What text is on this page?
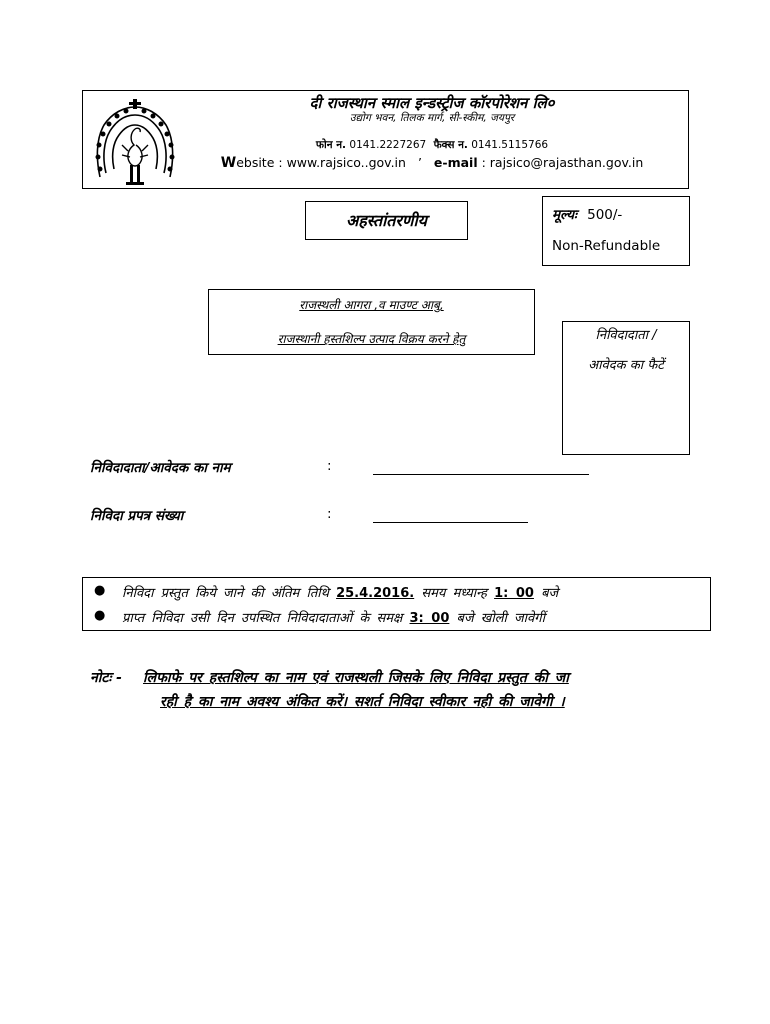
दी राजस्थान स्माल इन्डस्ट्रीज कॉरपोरेशन लि०
उद्योग भवन, तिलक मार्ग, सी-स्कीम, जयपुर
फोन न. 0141.2227267 फैक्स न. 0141.5115766
Website : www.rajsico..gov.in ’ e-mail : rajsico@rajasthan.gov.in
अहस्तांतरणीय	मूल्यः 500/-
Non-Refundable
राजस्थली आगरा ,व माउण्ट आबु,
राजस्थानी हस्तशिल्प उत्पाद विक्रय करने हेतु	निविदादाता /
आवेदक का फैटें
निविदादाता/आवेदक का नाम	:
निविदा प्रपत्र संख्या	:
● निविदा प्रस्तुत किये जाने की अंतिम तिथि 25.4.2016. समय मध्यान्ह 1: 00 बजे
● प्राप्त निविदा उसी दिन उपस्थित निविदादाताओं के समक्ष 3: 00 बजे खोली जावेगीं
नोटः - लिफाफे पर हस्तशिल्प का नाम एवं राजस्थली जिसके लिए निविदा प्रस्तुत की जा
रही है का नाम अवश्य अंकित करें। सशर्त निविदा स्वीकार नही की जावेगी ।
